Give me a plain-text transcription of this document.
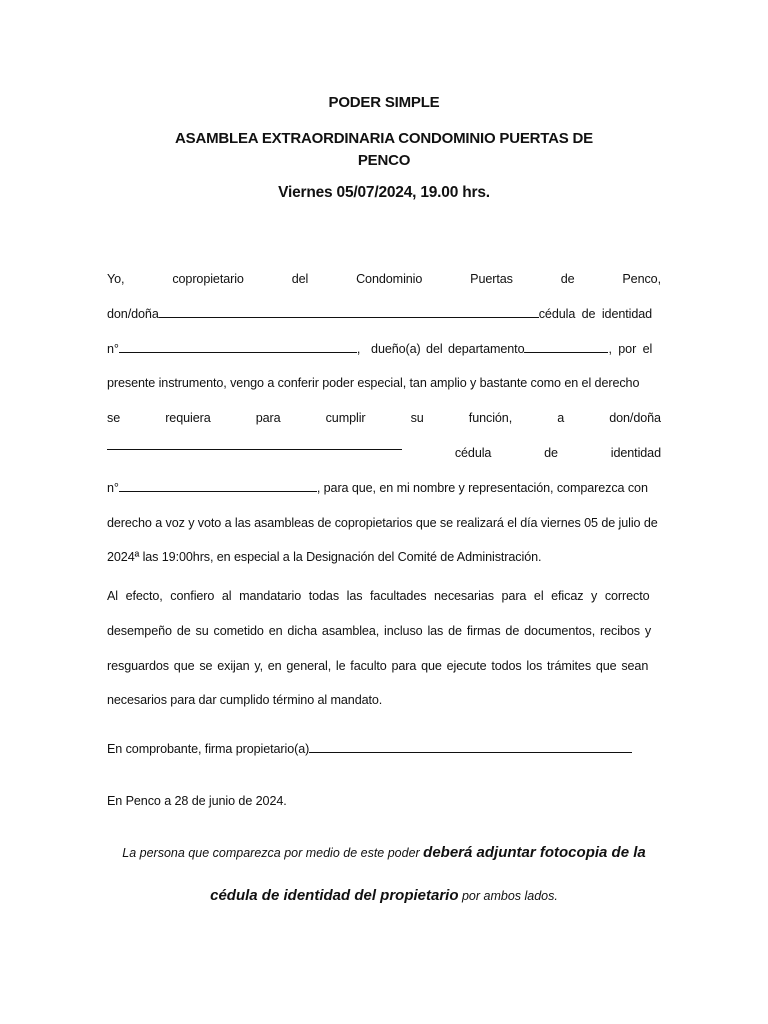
PODER SIMPLE
ASAMBLEA EXTRAORDINARIA CONDOMINIO PUERTAS DE PENCO
Viernes 05/07/2024, 19.00 hrs.
Yo,	copropietario	del	Condominio	Puertas	de	Penco,
don/doña	cédula de identidad
n°	,  dueño(a) del departamento	, por el
presente instrumento, vengo a conferir poder especial, tan amplio y bastante como en el derecho
se	requiera	para	cumplir	su	función,	a	don/doña
cédula	de	identidad
n°	, para que, en mi nombre y representación, comparezca con
derecho a voz y voto a las asambleas de copropietarios que se realizará el día viernes 05 de julio de
2024ª las 19:00hrs, en especial a la Designación del Comité de Administración.
Al efecto, confiero al mandatario todas las facultades necesarias para el eficaz y correcto
desempeño de su cometido en dicha asamblea, incluso las de firmas de documentos, recibos y
resguardos que se exijan y, en general, le faculto para que ejecute todos los trámites que sean
necesarios para dar cumplido término al mandato.
En comprobante, firma propietario(a)
En Penco a 28 de junio de 2024.
La persona que comparezca por medio de este poder deberá adjuntar fotocopia de la
cédula de identidad del propietario por ambos lados.
